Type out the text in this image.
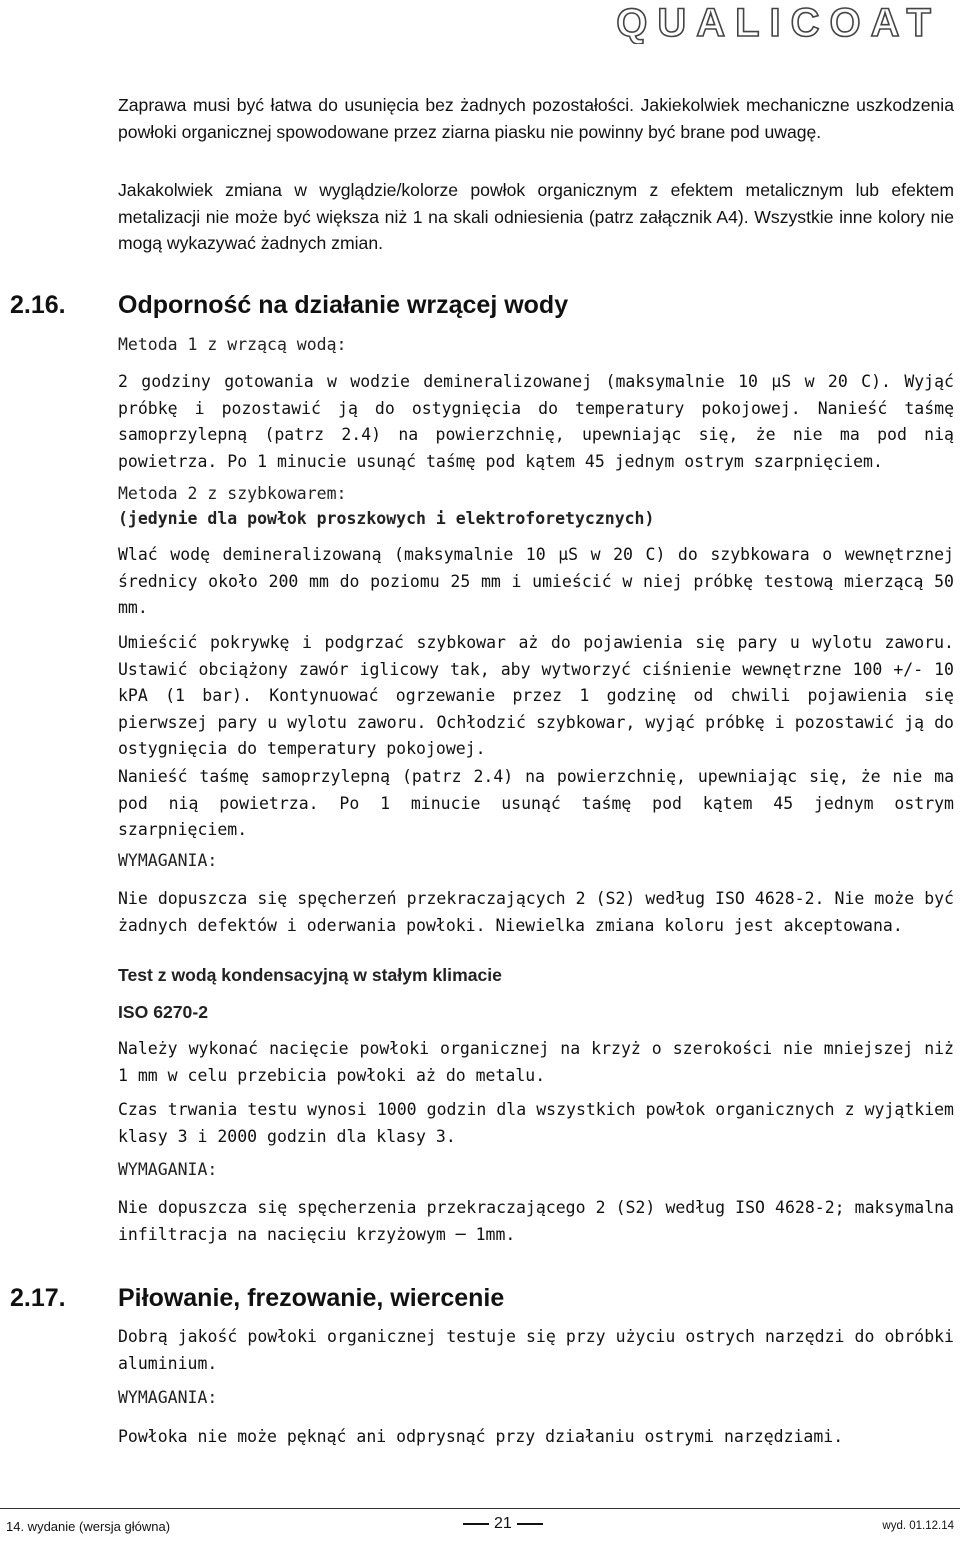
QUALICOAT

Zaprawa musi być łatwa do usunięcia bez żadnych pozostałości. Jakiekolwiek mechaniczne uszkodzenia powłoki organicznej spowodowane przez ziarna piasku nie powinny być brane pod uwagę.

Jakakolwiek zmiana w wyglądzie/kolorze powłok organicznym z efektem metalicznym lub efektem metalizacji nie może być większa niż 1 na skali odniesienia (patrz załącznik A4). Wszystkie inne kolory nie mogą wykazywać żadnych zmian.

2.16. Odporność na działanie wrzącej wody
Metoda 1 z wrzącą wodą:

2 godziny gotowania w wodzie demineralizowanej (maksymalnie 10 µS w 20 C). Wyjąć próbkę i pozostawić ją do ostygnięcia do temperatury pokojowej. Nanieść taśmę samoprzylepną (patrz 2.4) na powierzchnię, upewniając się, że nie ma pod nią powietrza. Po 1 minucie usunąć taśmę pod kątem 45 jednym ostrym szarpnięciem.

Metoda 2 z szybkowarem:
(jedynie dla powłok proszkowych i elektroforetycznych)

Wlać wodę demineralizowaną (maksymalnie 10 µS w 20 C) do szybkowara o wewnętrznej średnicy około 200 mm do poziomu 25 mm i umieścić w niej próbkę testową mierzącą 50 mm.

Umieścić pokrywkę i podgrzać szybkowar aż do pojawienia się pary u wylotu zaworu. Ustawić obciążony zawór iglicowy tak, aby wytworzyć ciśnienie wewnętrzne 100 +/- 10 kPA (1 bar). Kontynuować ogrzewanie przez 1 godzinę od chwili pojawienia się pierwszej pary u wylotu zaworu. Ochłodzić szybkowar, wyjąć próbkę i pozostawić ją do ostygnięcia do temperatury pokojowej.

Nanieść taśmę samoprzylepną (patrz 2.4) na powierzchnię, upewniając się, że nie ma pod nią powietrza. Po 1 minucie usunąć taśmę pod kątem 45 jednym ostrym szarpnięciem.

WYMAGANIA:

Nie dopuszcza się spęcherzeń przekraczających 2 (S2) według ISO 4628-2. Nie może być żadnych defektów i oderwania powłoki. Niewielka zmiana koloru jest akceptowana.

Test z wodą kondensacyjną w stałym klimacie
ISO 6270-2

Należy wykonać nacięcie powłoki organicznej na krzyż o szerokości nie mniejszej niż 1 mm w celu przebicia powłoki aż do metalu.

Czas trwania testu wynosi 1000 godzin dla wszystkich powłok organicznych z wyjątkiem klasy 3 i 2000 godzin dla klasy 3.

WYMAGANIA:

Nie dopuszcza się spęcherzenia przekraczającego 2 (S2) według ISO 4628-2; maksymalna infiltracja na nacięciu krzyżowym ─ 1mm.

2.17. Piłowanie, frezowanie, wiercenie

Dobrą jakość powłoki organicznej testuje się przy użyciu ostrych narzędzi do obróbki aluminium.

WYMAGANIA:

Powłoka nie może pęknąć ani odprysnąć przy działaniu ostrymi narzędziami.

14. wydanie (wersja główna)	21	wyd. 01.12.14
